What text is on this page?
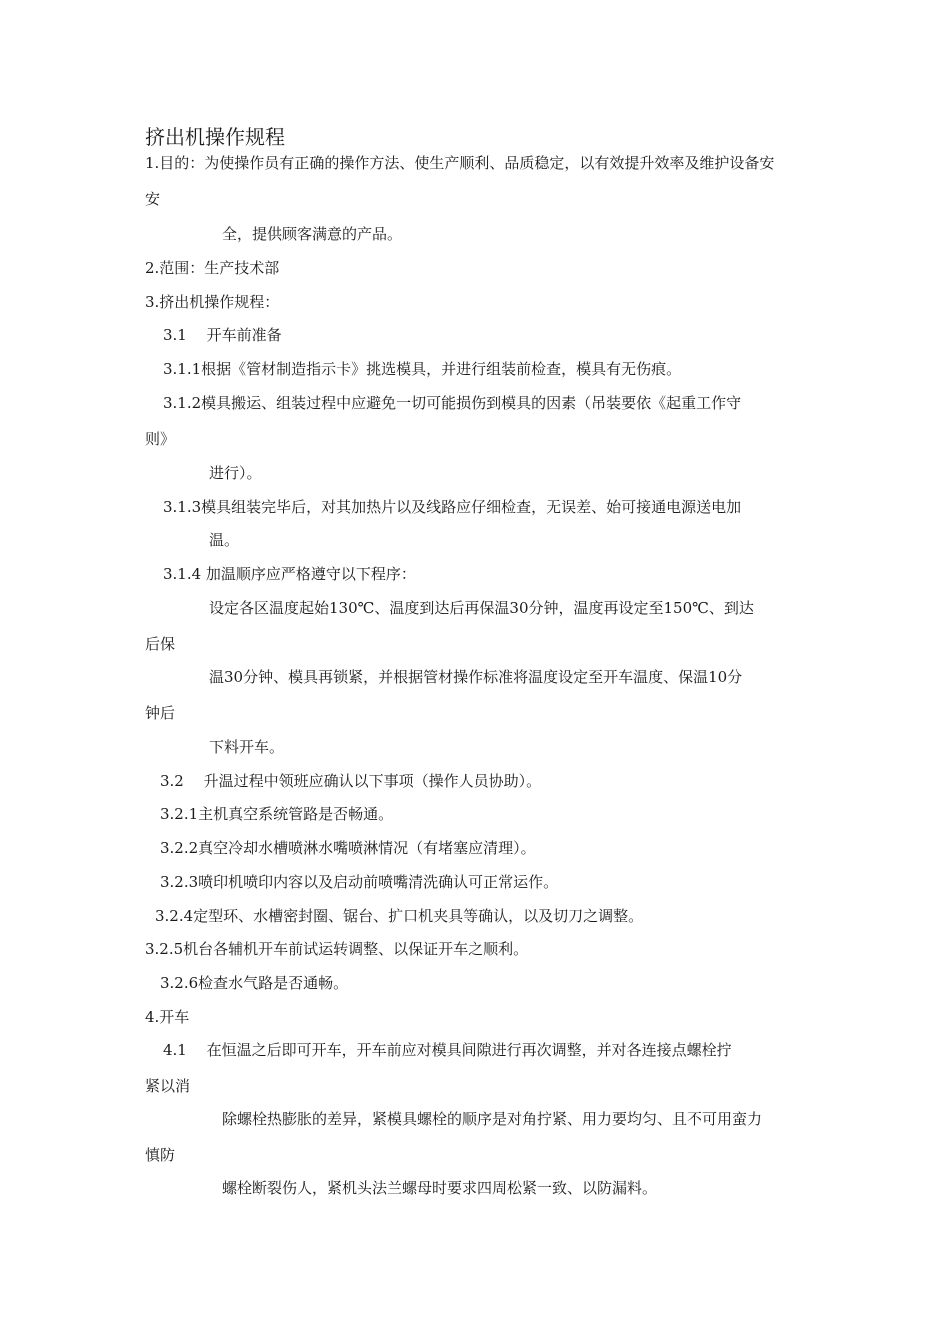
挤出机操作规程
1.目的：为使操作员有正确的操作方法、使生产顺利、品质稳定，以有效提升效率及维护设备安
安
全，提供顾客满意的产品。
2.范围：生产技术部
3.挤出机操作规程：
3.1　 开车前准备
3.1.1根据《管材制造指示卡》挑选模具，并进行组装前检查，模具有无伤痕。
3.1.2模具搬运、组装过程中应避免一切可能损伤到模具的因素（吊装要依《起重工作守
则》
进行）。
3.1.3模具组装完毕后，对其加热片以及线路应仔细检查，无误差、始可接通电源送电加
温。
3.1.4 加温顺序应严格遵守以下程序：
设定各区温度起始130℃、温度到达后再保温30分钟，温度再设定至150℃、到达
后保
温30分钟、模具再锁紧，并根据管材操作标准将温度设定至开车温度、保温10分
钟后
下料开车。
3.2　 升温过程中领班应确认以下事项（操作人员协助）。
3.2.1主机真空系统管路是否畅通。
3.2.2真空冷却水槽喷淋水嘴喷淋情况（有堵塞应清理）。
3.2.3喷印机喷印内容以及启动前喷嘴清洗确认可正常运作。
3.2.4定型环、水槽密封圈、锯台、扩口机夹具等确认，以及切刀之调整。
3.2.5机台各辅机开车前试运转调整、以保证开车之顺利。
3.2.6检查水气路是否通畅。
4.开车
4.1　 在恒温之后即可开车，开车前应对模具间隙进行再次调整，并对各连接点螺栓拧
紧以消
除螺栓热膨胀的差异，紧模具螺栓的顺序是对角拧紧、用力要均匀、且不可用蛮力
慎防
螺栓断裂伤人，紧机头法兰螺母时要求四周松紧一致、以防漏料。
